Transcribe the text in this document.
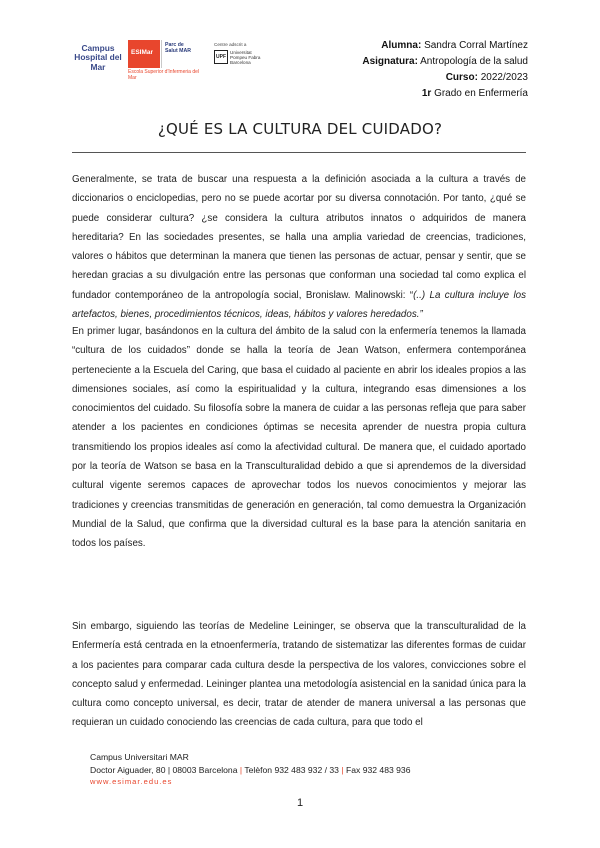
Campus Hospital del Mar
ESIMar
Parc de Salut MAR
Escola Superior d'Infermeria del Mar
Centre adscrit a
UPF
Universitat Pompeu Fabra Barcelona
Alumna: Sandra Corral Martínez
Asignatura: Antropología de la salud
Curso: 2022/2023
1r Grado en Enfermería
¿QUÉ ES LA CULTURA DEL CUIDADO?
Generalmente, se trata de buscar una respuesta a la definición asociada a la cultura a través de diccionarios o enciclopedias, pero no se puede acortar por su diversa connotación. Por tanto, ¿qué se puede considerar cultura? ¿se considera la cultura atributos innatos o adquiridos de manera hereditaria? En las sociedades presentes, se halla una amplia variedad de creencias, tradiciones, valores o hábitos que determinan la manera que tienen las personas de actuar, pensar y sentir, que se heredan gracias a su divulgación entre las personas que conforman una sociedad tal como explica el fundador contemporáneo de la antropología social, Bronislaw. Malinowski: “(..) La cultura incluye los artefactos, bienes, procedimientos técnicos, ideas, hábitos y valores heredados.”
En primer lugar, basándonos en la cultura del ámbito de la salud con la enfermería tenemos la llamada “cultura de los cuidados” donde se halla la teoría de Jean Watson, enfermera contemporánea perteneciente a la Escuela del Caring, que basa el cuidado al paciente en abrir los ideales propios a las dimensiones sociales, así como la espiritualidad y la cultura, integrando esas dimensiones a los conocimientos del cuidado. Su filosofía sobre la manera de cuidar a las personas refleja que para saber atender a los pacientes en condiciones óptimas se necesita aprender de nuestra propia cultura transmitiendo los propios ideales así como la afectividad cultural. De manera que, el cuidado aportado por la teoría de Watson se basa en la Transculturalidad debido a que si aprendemos de la diversidad cultural vigente seremos capaces de aprovechar todos los nuevos conocimientos y mejorar las tradiciones y creencias transmitidas de generación en generación, tal como demuestra la Organización Mundial de la Salud, que confirma que la diversidad cultural es la base para la atención sanitaria en todos los países.
Sin embargo, siguiendo las teorías de Medeline Leininger, se observa que la transculturalidad de la Enfermería está centrada en la etnoenfermería, tratando de sistematizar las diferentes formas de cuidar a los pacientes para comparar cada cultura desde la perspectiva de los valores, convicciones sobre el concepto salud y enfermedad. Leininger plantea una metodología asistencial en la sanidad única para la cultura como concepto universal, es decir, tratar de atender de manera universal a las personas que requieran un cuidado conociendo las creencias de cada cultura, para que todo el
Campus Universitari MAR
Doctor Aiguader, 80 | 08003 Barcelona | Telèfon 932 483 932 / 33 | Fax 932 483 936
www.esimar.edu.es
1
